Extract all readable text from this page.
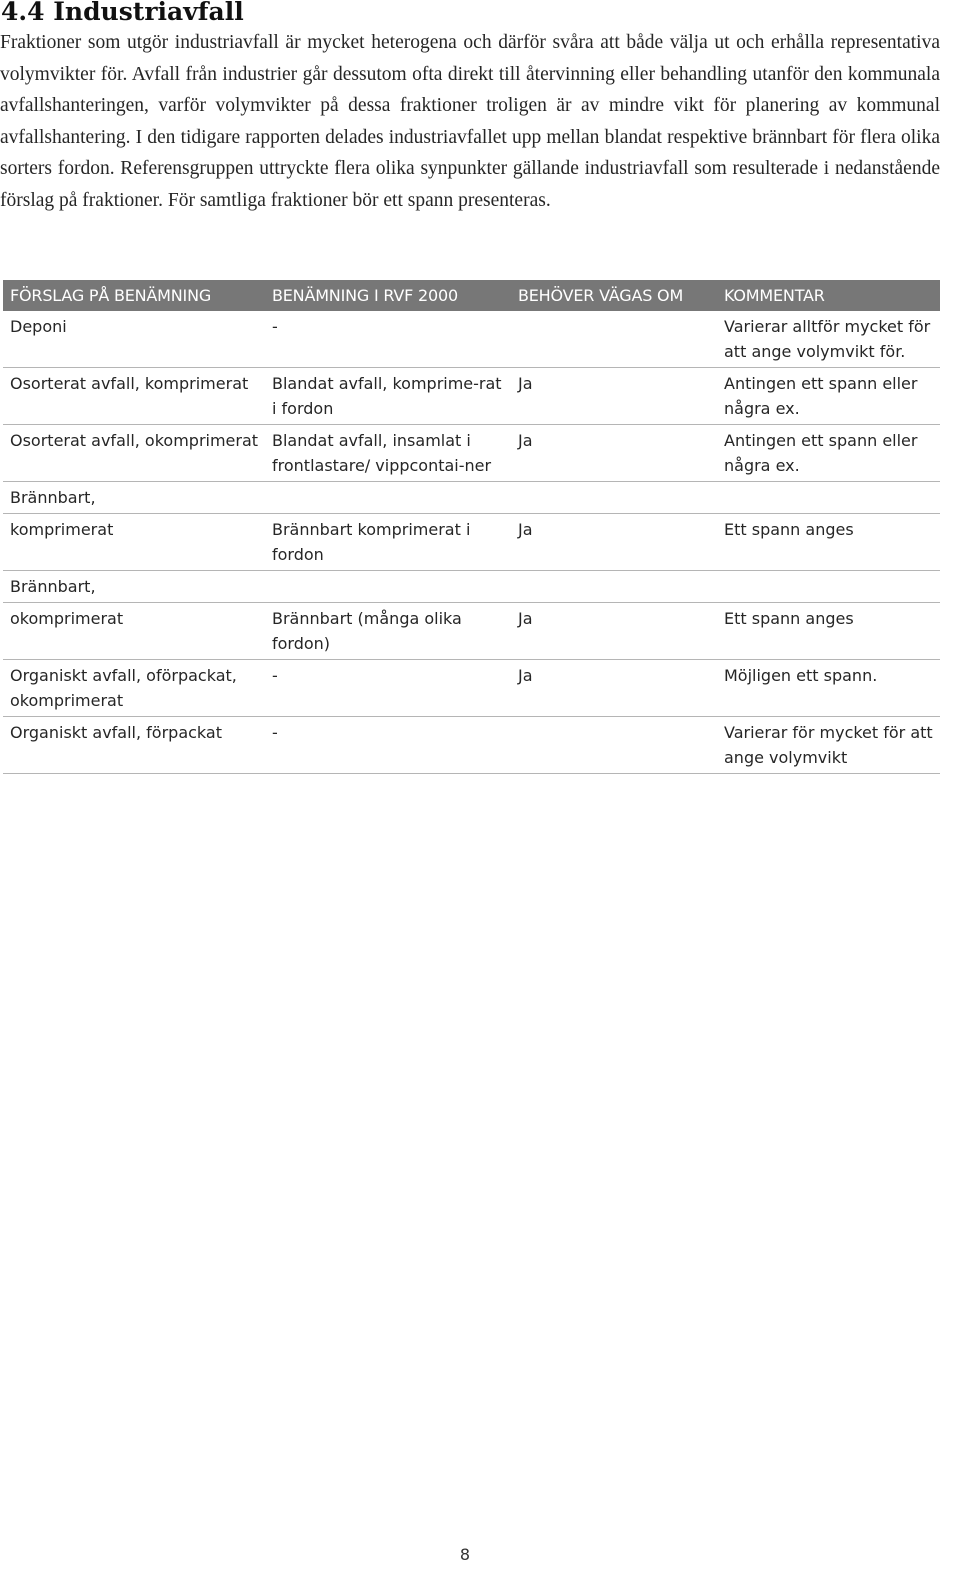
4.4 Industriavfall

Fraktioner som utgör industriavfall är mycket heterogena och därför svåra att både välja ut och erhålla representativa volymvikter för. Avfall från industrier går dessutom ofta direkt till återvinning eller behandling utanför den kommunala avfallshanteringen, varför volymvikter på dessa fraktioner troligen är av mindre vikt för planering av kommunal avfallshantering. I den tidigare rapporten delades industriavfallet upp mellan blandat respektive brännbart för flera olika sorters fordon. Referensgruppen uttryckte flera olika synpunkter gällande industriavfall som resulterade i nedanstående förslag på fraktioner. För samtliga fraktioner bör ett spann presenteras.

FÖRSLAG PÅ BENÄMNING	BENÄMNING I RVF 2000	BEHÖVER VÄGAS OM	KOMMENTAR
Deponi	-		Varierar alltför mycket för att ange volymvikt för.
Osorterat avfall, komprimerat	Blandat avfall, komprime-rat i fordon	Ja	Antingen ett spann eller några ex.
Osorterat avfall, okomprimerat	Blandat avfall, insamlat i frontlastare/ vippcontai-ner	Ja	Antingen ett spann eller några ex.
Brännbart,			
komprimerat	Brännbart komprimerat i fordon	Ja	Ett spann anges
Brännbart,			
okomprimerat	Brännbart (många olika fordon)	Ja	Ett spann anges
Organiskt avfall, oförpackat, okomprimerat	-	Ja	Möjligen ett spann.
Organiskt avfall, förpackat	-		Varierar för mycket för att ange volymvikt
8
